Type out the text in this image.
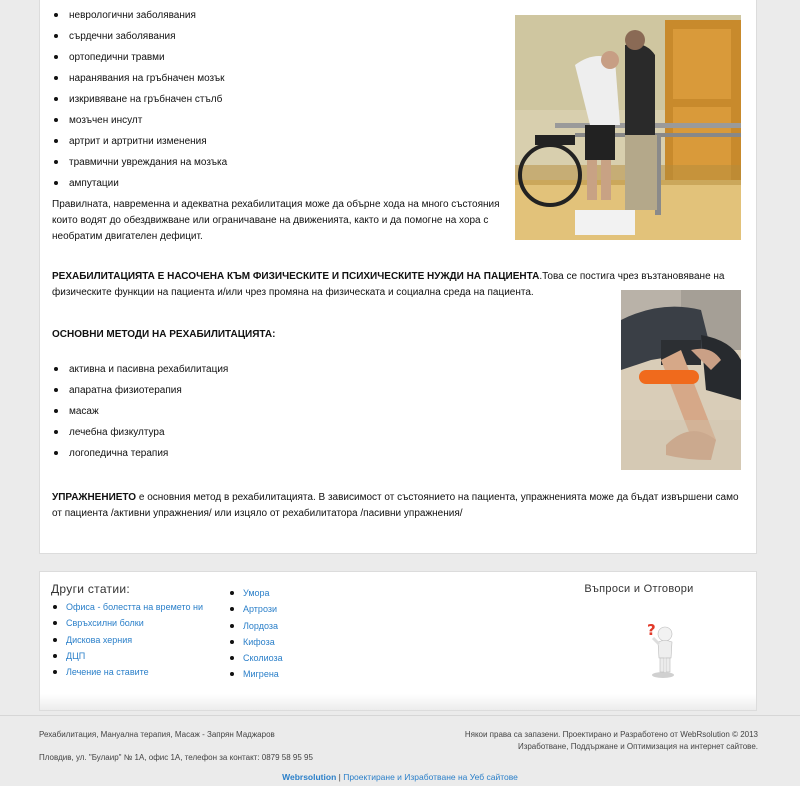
неврологични заболявания
сърдечни заболявания
ортопедични травми
наранявания на гръбначен мозък
изкривяване на гръбначен стълб
мозъчен инсулт
артрит и артритни изменения
травмични увреждания на мозъка
ампутации

Правилната, навременна и адекватна рехабилитация може да обърне хода на много състояния които водят до обездвижване или ограничаване на движенията, както и да помогне на хора с необратим двигателен дефицит.

РЕХАБИЛИТАЦИЯТА Е НАСОЧЕНА КЪМ ФИЗИЧЕСКИТЕ И ПСИХИЧЕСКИТЕ НУЖДИ НА ПАЦИЕНТА.Това се постига чрез възтановяване на физическите функции на пациента и/или чрез промяна на физическата и социална среда на пациента.

ОСНОВНИ МЕТОДИ НА РЕХАБИЛИТАЦИЯТА:

активна и пасивна рехабилитация
апаратна физиотерапия
масаж
лечебна физкултура
логопедична терапия

УПРАЖНЕНИЕТО е основния метод в рехабилитацията. В зависимост от състоянието на пациента, упражненията може да бъдат извършени само от пациента /активни упражнения/ или изцяло от рехабилитатора /пасивни упражнения/

Други статии:
Офиса - болестта на времето ни
Свръхсилни болки
Дискова херния
ДЦП
Лечение на ставите
Умора
Артрози
Лордоза
Кифоза
Сколиоза
Мигрена
Въпроси и Отговори
?
Рехабилитация, Мануална терапия, Масаж - Запрян Маджаров
Пловдив, ул. "Булаир" № 1А, офис 1А, телефон за контакт: 0879 58 95 95
Някои права са запазени. Проектирано и Разработено от WebRsolution © 2013
Изработване, Поддържане и Оптимизация на интернет сайтове.
Webrsolution | Проектиране и Изработване на Уеб сайтове
